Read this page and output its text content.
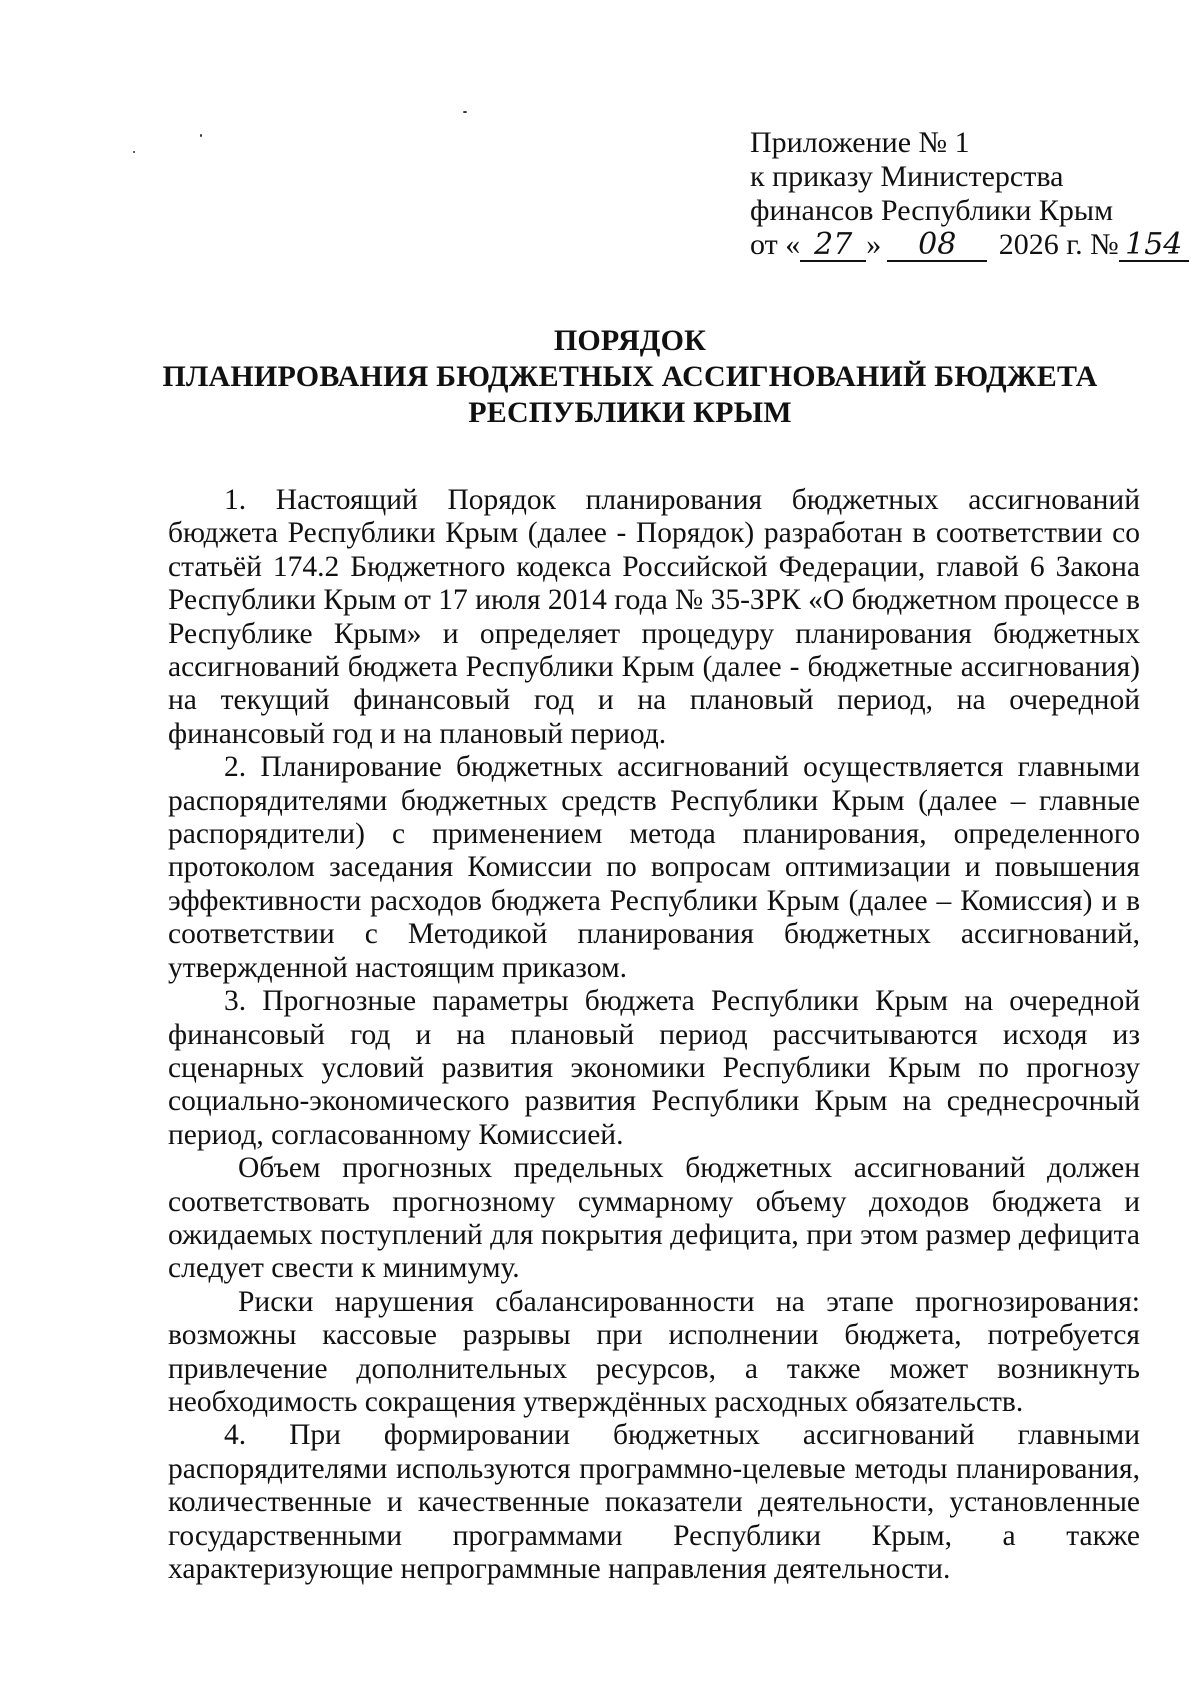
Приложение № 1
к приказу Министерства
финансов Республики Крым
от « 27 » 08 2026 г. № 154
ПОРЯДОК
ПЛАНИРОВАНИЯ БЮДЖЕТНЫХ АССИГНОВАНИЙ БЮДЖЕТА
РЕСПУБЛИКИ КРЫМ

1. Настоящий Порядок планирования бюджетных ассигнований бюджета Республики Крым (далее - Порядок) разработан в соответствии со статьёй 174.2 Бюджетного кодекса Российской Федерации, главой 6 Закона Республики Крым от 17 июля 2014 года № 35-ЗРК «О бюджетном процессе в Республике Крым» и определяет процедуру планирования бюджетных ассигнований бюджета Республики Крым (далее - бюджетные ассигнования) на текущий финансовый год и на плановый период, на очередной финансовый год и на плановый период.

2. Планирование бюджетных ассигнований осуществляется главными распорядителями бюджетных средств Республики Крым (далее – главные распорядители) с применением метода планирования, определенного протоколом заседания Комиссии по вопросам оптимизации и повышения эффективности расходов бюджета Республики Крым (далее – Комиссия) и в соответствии с Методикой планирования бюджетных ассигнований, утвержденной настоящим приказом.

3. Прогнозные параметры бюджета Республики Крым на очередной финансовый год и на плановый период рассчитываются исходя из сценарных условий развития экономики Республики Крым по прогнозу социально-экономического развития Республики Крым на среднесрочный период, согласованному Комиссией.

Объем прогнозных предельных бюджетных ассигнований должен соответствовать прогнозному суммарному объему доходов бюджета и ожидаемых поступлений для покрытия дефицита, при этом размер дефицита следует свести к минимуму.

Риски нарушения сбалансированности на этапе прогнозирования: возможны кассовые разрывы при исполнении бюджета, потребуется привлечение дополнительных ресурсов, а также может возникнуть необходимость сокращения утверждённых расходных обязательств.

4. При формировании бюджетных ассигнований главными распорядителями используются программно-целевые методы планирования, количественные и качественные показатели деятельности, установленные государственными программами Республики Крым, а также характеризующие непрограммные направления деятельности.
